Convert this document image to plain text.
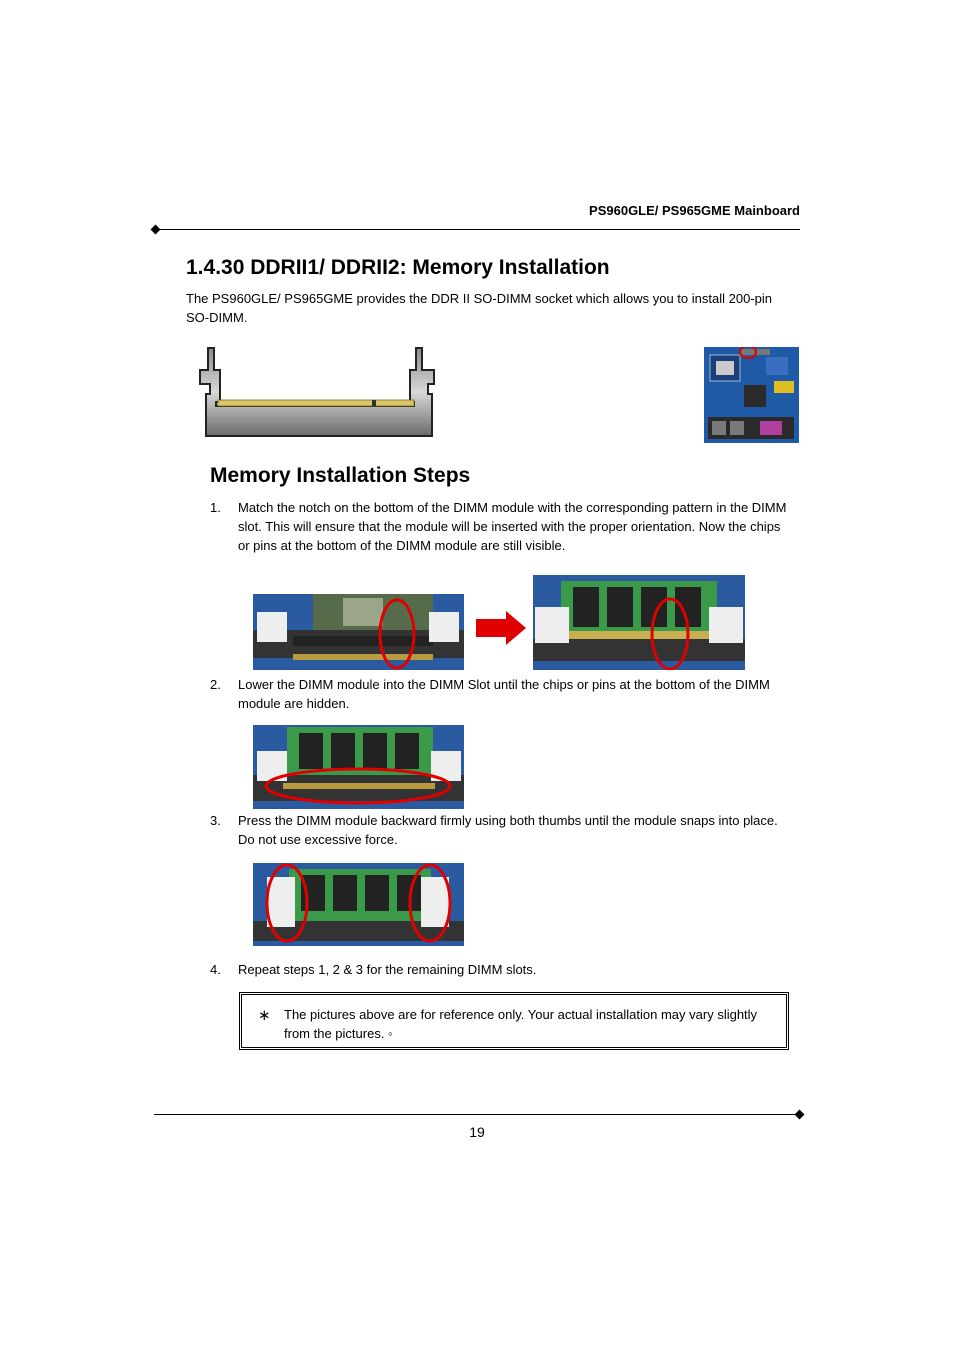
PS960GLE/ PS965GME Mainboard
1.4.30 DDRII1/ DDRII2: Memory Installation
The PS960GLE/ PS965GME provides the DDR II SO-DIMM socket which allows you to install 200-pin SO-DIMM.
Memory Installation Steps
1. Match the notch on the bottom of the DIMM module with the corresponding pattern in the DIMM slot. This will ensure that the module will be inserted with the proper orientation. Now the chips or pins at the bottom of the DIMM module are still visible.
2. Lower the DIMM module into the DIMM Slot until the chips or pins at the bottom of the DIMM module are hidden.
3. Press the DIMM module backward firmly using both thumbs until the module snaps into place. Do not use excessive force.
4. Repeat steps 1, 2 & 3 for the remaining DIMM slots.
∗ The pictures above are for reference only. Your actual installation may vary slightly from the pictures. ◦
19
